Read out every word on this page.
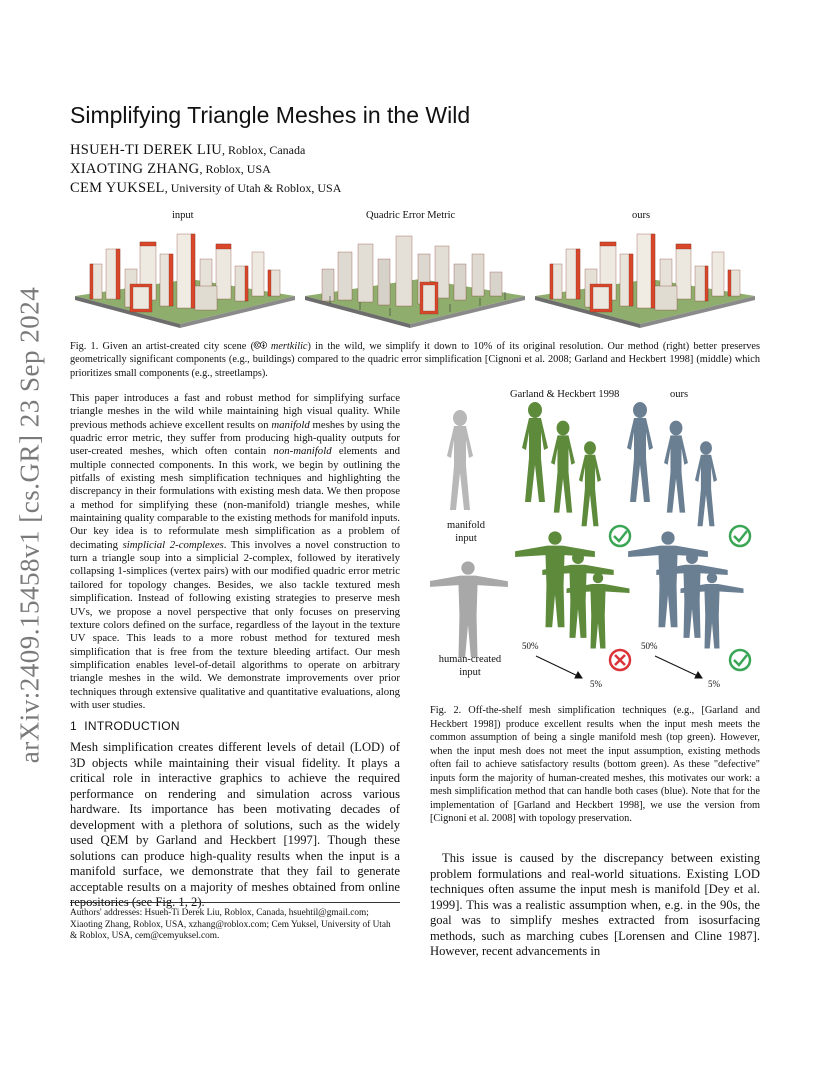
arXiv:2409.15458v1 [cs.GR] 23 Sep 2024
Simplifying Triangle Meshes in the Wild
HSUEH-TI DEREK LIU, Roblox, Canada
XIAOTING ZHANG, Roblox, USA
CEM YUKSEL, University of Utah & Roblox, USA
input	Quadric Error Metric	ours
Fig. 1. Given an artist-created city scene (🅭🅯 mertkilic) in the wild, we simplify it down to 10% of its original resolution. Our method (right) better preserves geometrically significant components (e.g., buildings) compared to the quadric error simplification [Cignoni et al. 2008; Garland and Heckbert 1998] (middle) which prioritizes small components (e.g., streetlamps).
This paper introduces a fast and robust method for simplifying surface triangle meshes in the wild while maintaining high visual quality. While previous methods achieve excellent results on manifold meshes by using the quadric error metric, they suffer from producing high-quality outputs for user-created meshes, which often contain non-manifold elements and multiple connected components. In this work, we begin by outlining the pitfalls of existing mesh simplification techniques and highlighting the discrepancy in their formulations with existing mesh data. We then propose a method for simplifying these (non-manifold) triangle meshes, while maintaining quality comparable to the existing methods for manifold inputs. Our key idea is to reformulate mesh simplification as a problem of decimating simplicial 2-complexes. This involves a novel construction to turn a triangle soup into a simplicial 2-complex, followed by iteratively collapsing 1-simplices (vertex pairs) with our modified quadric error metric tailored for topology changes. Besides, we also tackle textured mesh simplification. Instead of following existing strategies to preserve mesh UVs, we propose a novel perspective that only focuses on preserving texture colors defined on the surface, regardless of the layout in the texture UV space. This leads to a more robust method for textured mesh simplification that is free from the texture bleeding artifact. Our mesh simplification enables level-of-detail algorithms to operate on arbitrary triangle meshes in the wild. We demonstrate improvements over prior techniques through extensive qualitative and quantitative evaluations, along with user studies.
1 INTRODUCTION
Mesh simplification creates different levels of detail (LOD) of 3D objects while maintaining their visual fidelity. It plays a critical role in interactive graphics to achieve the required performance on rendering and simulation across various hardware. Its importance has been motivating decades of development with a plethora of solutions, such as the widely used QEM by Garland and Heckbert [1997]. Though these solutions can produce high-quality results when the input is a manifold surface, we demonstrate that they fail to generate acceptable results on a majority of meshes obtained from online repositories (see Fig. 1, 2).
Authors' addresses: Hsueh-Ti Derek Liu, Roblox, Canada, hsuehtil@gmail.com; Xiaoting Zhang, Roblox, USA, xzhang@roblox.com; Cem Yuksel, University of Utah & Roblox, USA, cem@cemyuksel.com.
Garland & Heckbert 1998	ours
manifold input
human-created input
50%
5%
50%
5%
Fig. 2. Off-the-shelf mesh simplification techniques (e.g., [Garland and Heckbert 1998]) produce excellent results when the input mesh meets the common assumption of being a single manifold mesh (top green). However, when the input mesh does not meet the input assumption, existing methods often fail to achieve satisfactory results (bottom green). As these "defective" inputs form the majority of human-created meshes, this motivates our work: a mesh simplification method that can handle both cases (blue). Note that for the implementation of [Garland and Heckbert 1998], we use the version from [Cignoni et al. 2008] with topology preservation.
This issue is caused by the discrepancy between existing problem formulations and real-world situations. Existing LOD techniques often assume the input mesh is manifold [Dey et al. 1999]. This was a realistic assumption when, e.g. in the 90s, the goal was to simplify meshes extracted from isosurfacing methods, such as marching cubes [Lorensen and Cline 1987]. However, recent advancements in
